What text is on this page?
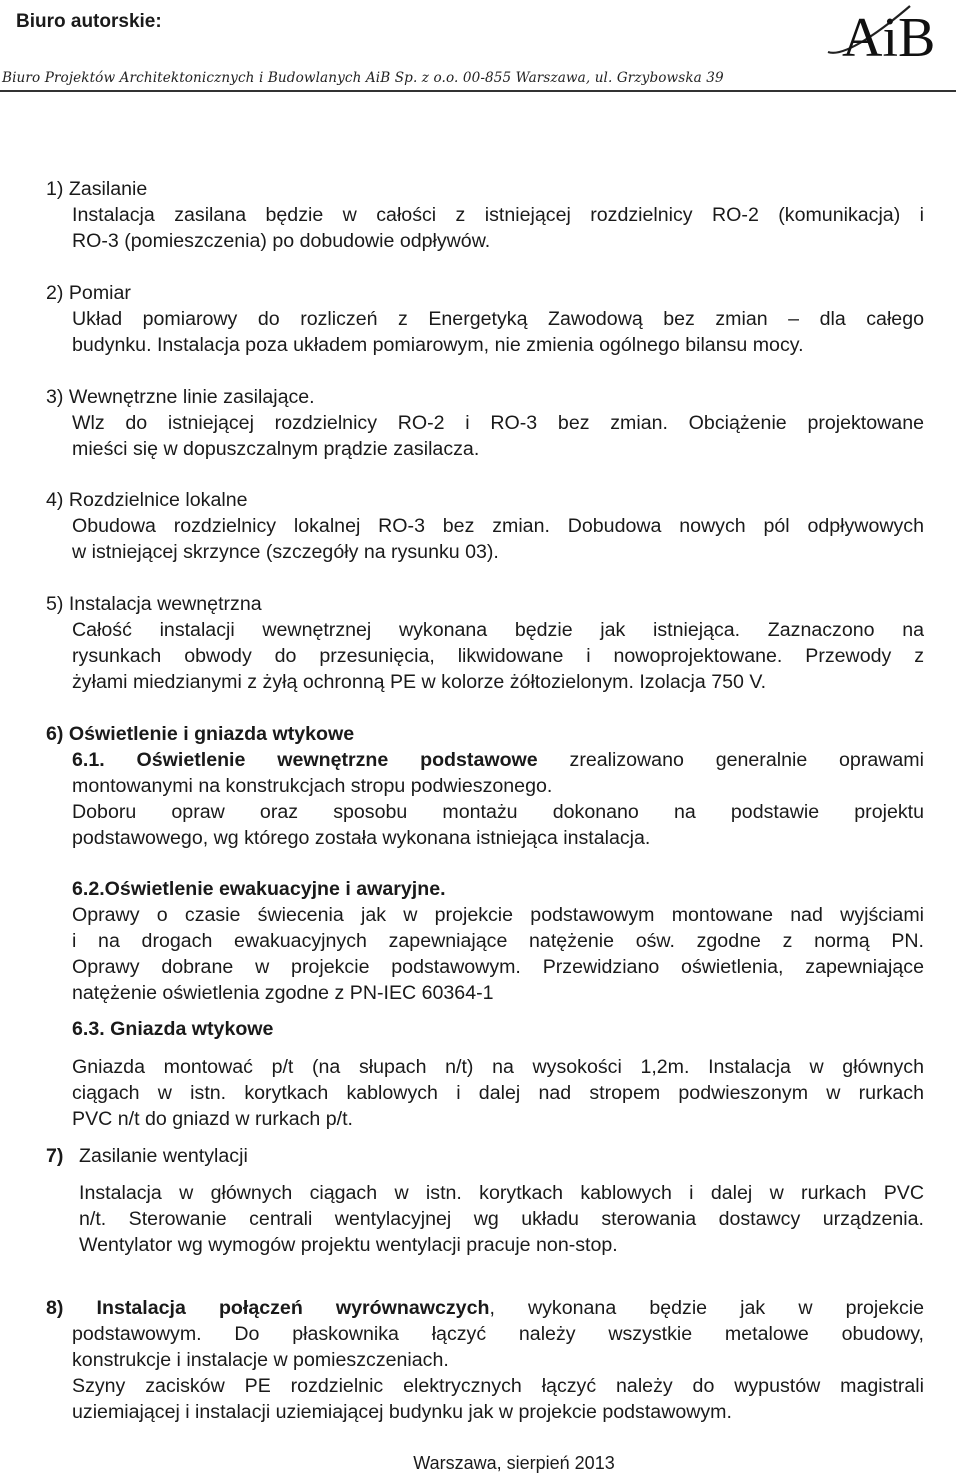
Biuro autorskie:	AiB
Biuro Projektów Architektonicznych i Budowlanych AiB Sp. z o.o. 00-855 Warszawa, ul. Grzybowska 39
1) Zasilanie
Instalacja zasilana będzie w całości z istniejącej rozdzielnicy RO-2 (komunikacja) i
RO-3 (pomieszczenia) po dobudowie odpływów.
2) Pomiar
Układ pomiarowy do rozliczeń z Energetyką Zawodową bez zmian – dla całego
budynku. Instalacja poza układem pomiarowym, nie zmienia ogólnego bilansu mocy.
3) Wewnętrzne linie zasilające.
Wlz do istniejącej rozdzielnicy RO-2 i RO-3 bez zmian. Obciążenie projektowane
mieści się w dopuszczalnym prądzie zasilacza.
4) Rozdzielnice lokalne
Obudowa rozdzielnicy lokalnej RO-3 bez zmian. Dobudowa nowych pól odpływowych
w istniejącej skrzynce (szczegóły na rysunku 03).
5) Instalacja wewnętrzna
Całość instalacji wewnętrznej wykonana będzie jak istniejąca. Zaznaczono na
rysunkach obwody do przesunięcia, likwidowane i nowoprojektowane. Przewody z
żyłami miedzianymi z żyłą ochronną PE w kolorze żółtozielonym. Izolacja 750 V.
6) Oświetlenie i gniazda wtykowe
6.1. Oświetlenie wewnętrzne podstawowe zrealizowano generalnie oprawami
montowanymi na konstrukcjach stropu podwieszonego.
Doboru opraw oraz sposobu montażu dokonano na podstawie projektu
podstawowego, wg którego została wykonana istniejąca instalacja.
6.2.Oświetlenie ewakuacyjne i awaryjne.
Oprawy o czasie świecenia jak w projekcie podstawowym montowane nad wyjściami
i na drogach ewakuacyjnych zapewniające natężenie ośw. zgodne z normą PN.
Oprawy dobrane w projekcie podstawowym. Przewidziano oświetlenia, zapewniające
natężenie oświetlenia zgodne z PN-IEC 60364-1
6.3. Gniazda wtykowe
Gniazda montować p/t (na słupach n/t) na wysokości 1,2m. Instalacja w głównych
ciągach w istn. korytkach kablowych i dalej nad stropem podwieszonym w rurkach
PVC n/t do gniazd w rurkach p/t.
7) Zasilanie wentylacji
Instalacja w głównych ciągach w istn. korytkach kablowych i dalej w rurkach PVC
n/t. Sterowanie centrali wentylacyjnej wg układu sterowania dostawcy urządzenia.
Wentylator wg wymogów projektu wentylacji pracuje non-stop.
8) Instalacja połączeń wyrównawczych, wykonana będzie jak w projekcie
podstawowym. Do płaskownika łączyć należy wszystkie metalowe obudowy,
konstrukcje i instalacje w pomieszczeniach.
Szyny zacisków PE rozdzielnic elektrycznych łączyć należy do wypustów magistrali
uziemiającej i instalacji uziemiającej budynku jak w projekcie podstawowym.
Warszawa, sierpień 2013
